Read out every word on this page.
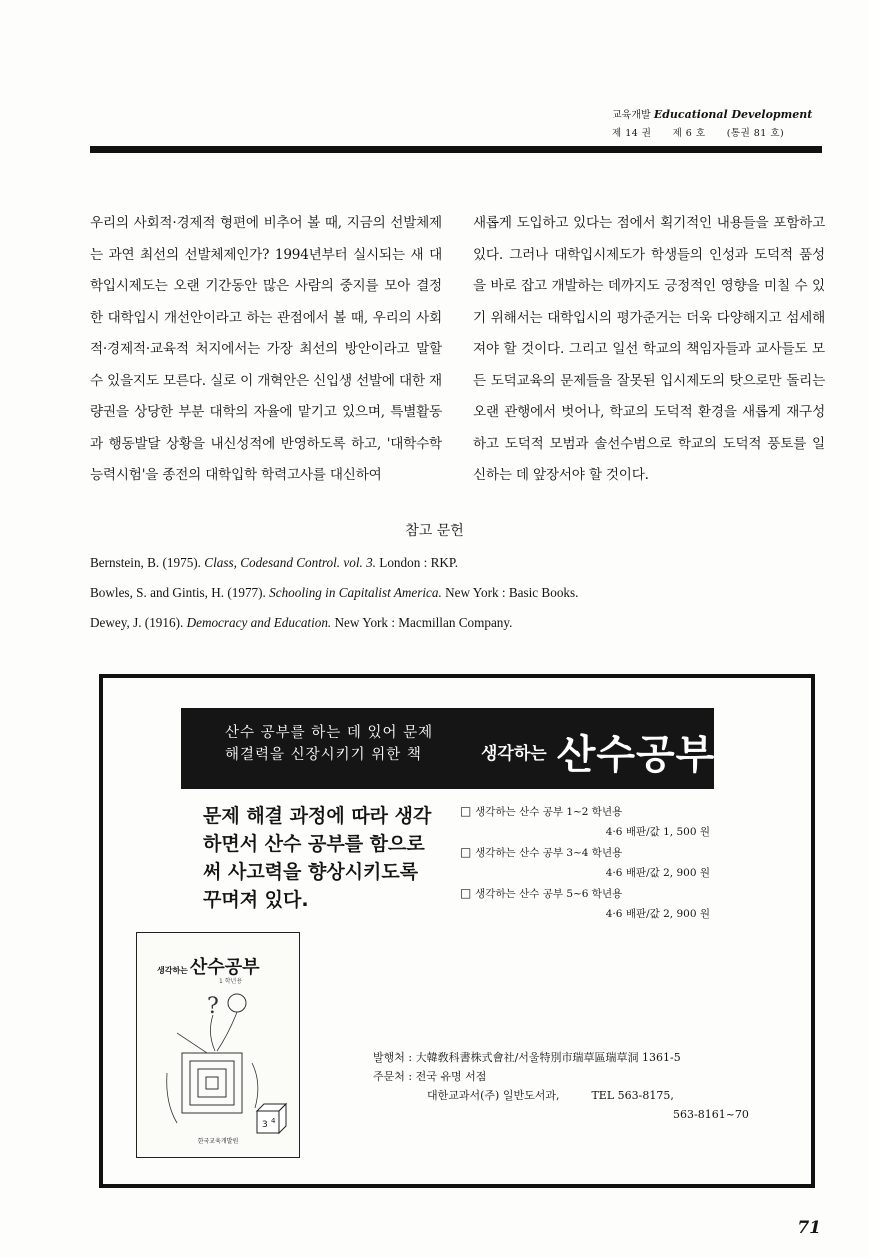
교육개발 Educational Development
제 14 권 제 6 호 (통권 81 호)
우리의 사회적·경제적 형편에 비추어 볼 때, 지금의 선발체제는 과연 최선의 선발체제인가? 1994년부터 실시되는 새 대학입시제도는 오랜 기간동안 많은 사람의 중지를 모아 결정한 대학입시 개선안이라고 하는 관점에서 볼 때, 우리의 사회적·경제적·교육적 처지에서는 가장 최선의 방안이라고 말할 수 있을지도 모른다. 실로 이 개혁안은 신입생 선발에 대한 재량권을 상당한 부분 대학의 자율에 맡기고 있으며, 특별활동과 행동발달 상황을 내신성적에 반영하도록 하고, '대학수학능력시험'을 종전의 대학입학 학력고사를 대신하여
새롭게 도입하고 있다는 점에서 획기적인 내용들을 포함하고 있다. 그러나 대학입시제도가 학생들의 인성과 도덕적 품성을 바로 잡고 개발하는 데까지도 긍정적인 영향을 미칠 수 있기 위해서는 대학입시의 평가준거는 더욱 다양해지고 섬세해져야 할 것이다. 그리고 일선 학교의 책임자들과 교사들도 모든 도덕교육의 문제들을 잘못된 입시제도의 탓으로만 돌리는 오랜 관행에서 벗어나, 학교의 도덕적 환경을 새롭게 재구성하고 도덕적 모범과 솔선수범으로 학교의 도덕적 풍토를 일신하는 데 앞장서야 할 것이다.
참고 문헌
Bernstein, B. (1975). Class, Codesand Control. vol. 3. London : RKP.
Bowles, S. and Gintis, H. (1977). Schooling in Capitalist America. New York : Basic Books.
Dewey, J. (1916). Democracy and Education. New York : Macmillan Company.
산수 공부를 하는 데 있어 문제
해결력을 신장시키기 위한 책	생각하는 산수공부
문제 해결 과정에 따라 생각하면서 산수 공부를 함으로써 사고력을 향상시키도록 꾸며져 있다.
□ 생각하는 산수 공부 1~2 학년용
4·6 배판/값 1, 500 원
□ 생각하는 산수 공부 3~4 학년용
4·6 배판/값 2, 900 원
□ 생각하는 산수 공부 5~6 학년용
4·6 배판/값 2, 900 원
1 학년용
?
3 4
생각하는 산수공부
한국교육개발원
발행처 : 大韓敎科書株式會社/서울特別市瑞草區瑞草洞 1361-5
주문처 : 전국 유명 서점
대한교과서(주) 일반도서과,	TEL 563-8175,
563-8161~70
71
